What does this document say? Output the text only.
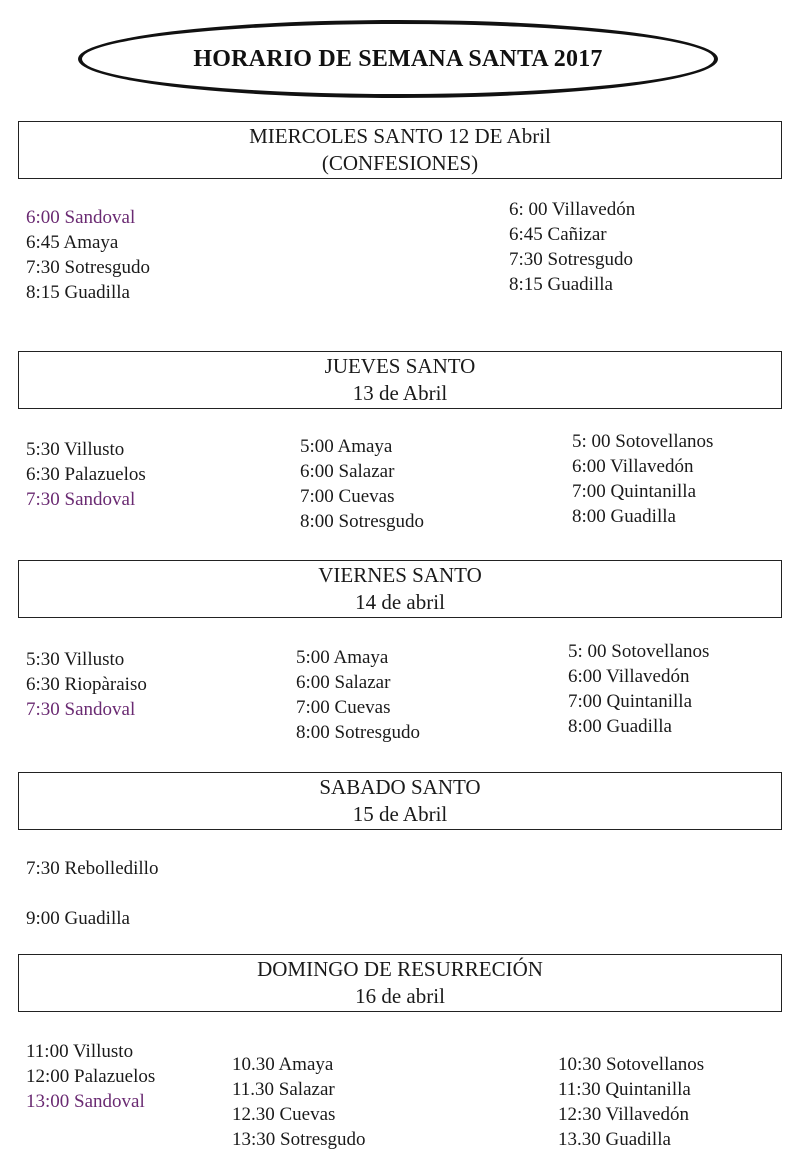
HORARIO DE SEMANA SANTA 2017
MIERCOLES SANTO 12 DE Abril
(CONFESIONES)
6:00 Sandoval
6:45 Amaya
7:30 Sotresgudo
8:15 Guadilla
6: 00 Villavedón
6:45 Cañizar
7:30 Sotresgudo
8:15 Guadilla
JUEVES SANTO
13 de Abril
5:30 Villusto
6:30 Palazuelos
7:30 Sandoval
5:00 Amaya
6:00 Salazar
7:00 Cuevas
8:00 Sotresgudo
5: 00 Sotovellanos
6:00 Villavedón
7:00 Quintanilla
8:00 Guadilla
VIERNES SANTO
14 de abril
5:30 Villusto
6:30 Riopàraiso
7:30 Sandoval
5:00 Amaya
6:00 Salazar
7:00 Cuevas
8:00 Sotresgudo
5: 00 Sotovellanos
6:00 Villavedón
7:00 Quintanilla
8:00 Guadilla
SABADO SANTO
15 de Abril
7:30 Rebolledillo
9:00 Guadilla
DOMINGO DE RESURRECIÓN
16 de abril
11:00 Villusto
12:00 Palazuelos
13:00 Sandoval
10.30 Amaya
11.30 Salazar
12.30 Cuevas
13:30 Sotresgudo
10:30 Sotovellanos
11:30 Quintanilla
12:30 Villavedón
13.30 Guadilla
